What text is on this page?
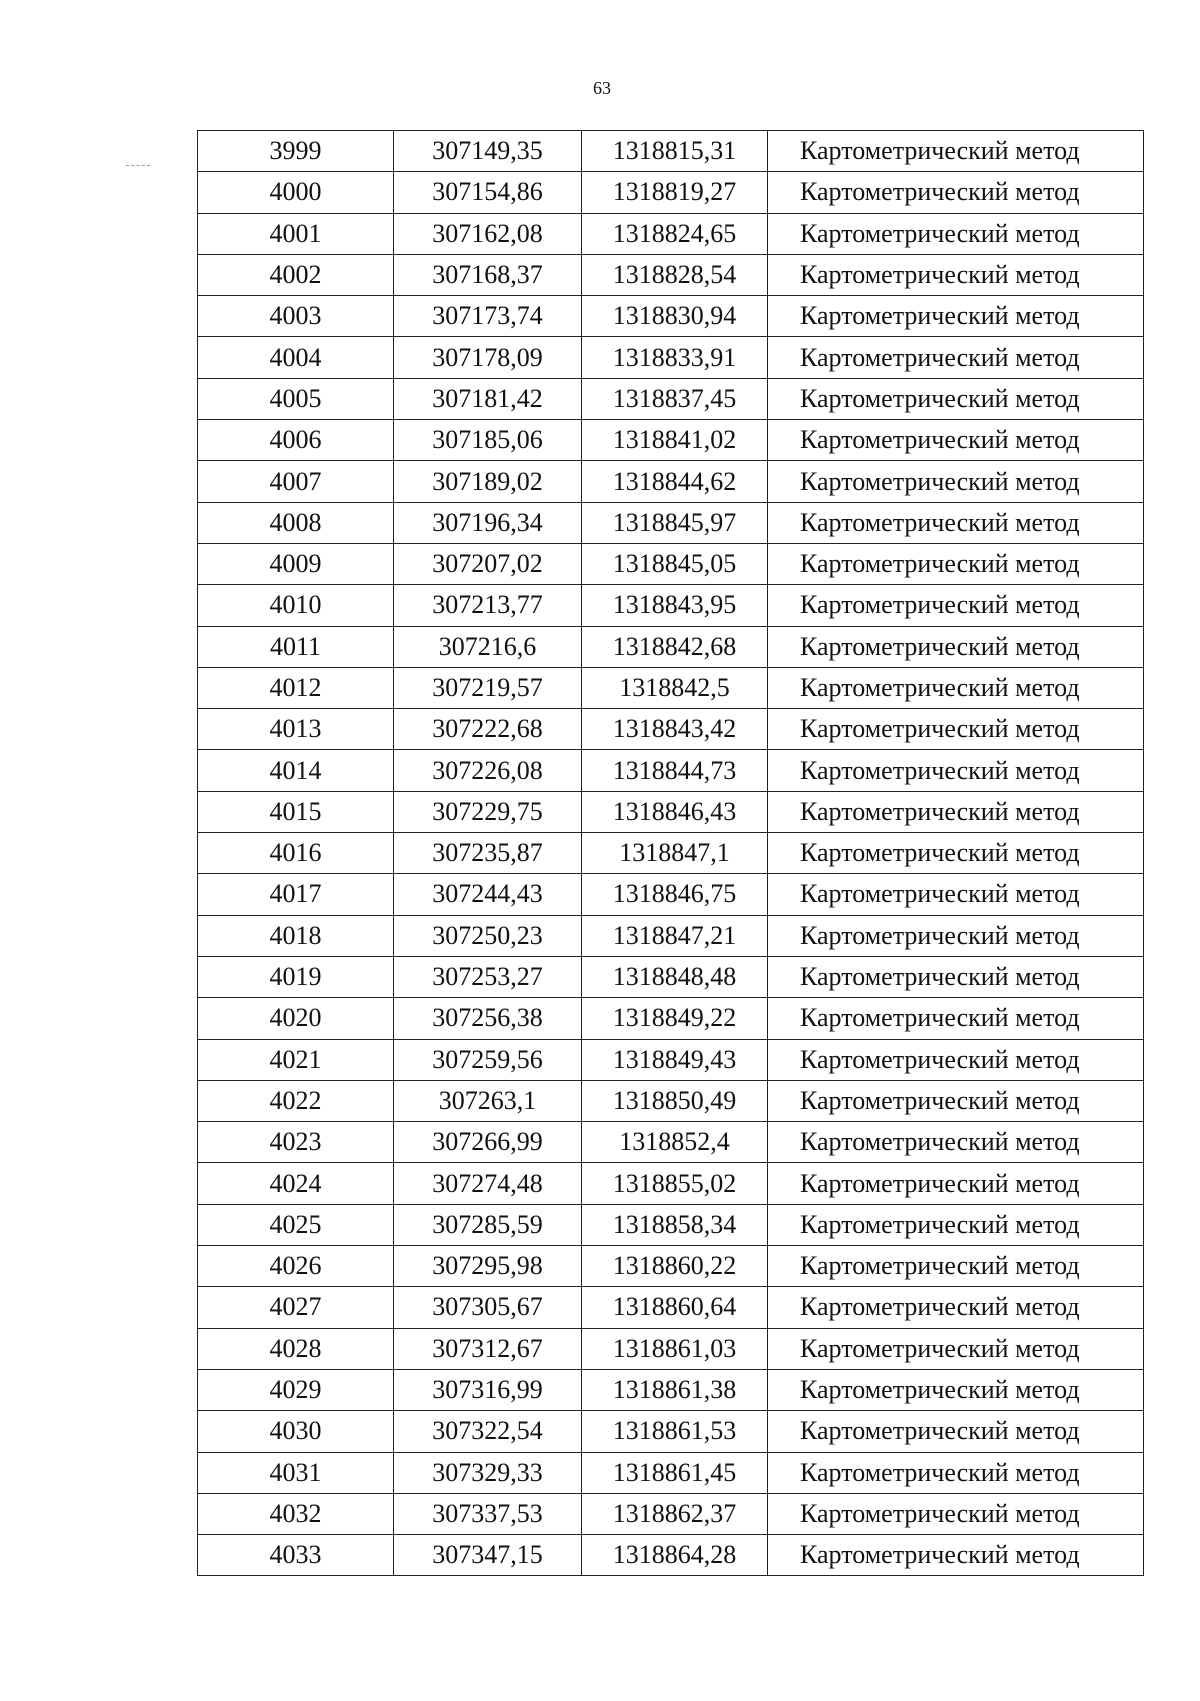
63
3999	307149,35	1318815,31	Картометрический метод
4000	307154,86	1318819,27	Картометрический метод
4001	307162,08	1318824,65	Картометрический метод
4002	307168,37	1318828,54	Картометрический метод
4003	307173,74	1318830,94	Картометрический метод
4004	307178,09	1318833,91	Картометрический метод
4005	307181,42	1318837,45	Картометрический метод
4006	307185,06	1318841,02	Картометрический метод
4007	307189,02	1318844,62	Картометрический метод
4008	307196,34	1318845,97	Картометрический метод
4009	307207,02	1318845,05	Картометрический метод
4010	307213,77	1318843,95	Картометрический метод
4011	307216,6	1318842,68	Картометрический метод
4012	307219,57	1318842,5	Картометрический метод
4013	307222,68	1318843,42	Картометрический метод
4014	307226,08	1318844,73	Картометрический метод
4015	307229,75	1318846,43	Картометрический метод
4016	307235,87	1318847,1	Картометрический метод
4017	307244,43	1318846,75	Картометрический метод
4018	307250,23	1318847,21	Картометрический метод
4019	307253,27	1318848,48	Картометрический метод
4020	307256,38	1318849,22	Картометрический метод
4021	307259,56	1318849,43	Картометрический метод
4022	307263,1	1318850,49	Картометрический метод
4023	307266,99	1318852,4	Картометрический метод
4024	307274,48	1318855,02	Картометрический метод
4025	307285,59	1318858,34	Картометрический метод
4026	307295,98	1318860,22	Картометрический метод
4027	307305,67	1318860,64	Картометрический метод
4028	307312,67	1318861,03	Картометрический метод
4029	307316,99	1318861,38	Картометрический метод
4030	307322,54	1318861,53	Картометрический метод
4031	307329,33	1318861,45	Картометрический метод
4032	307337,53	1318862,37	Картометрический метод
4033	307347,15	1318864,28	Картометрический метод
